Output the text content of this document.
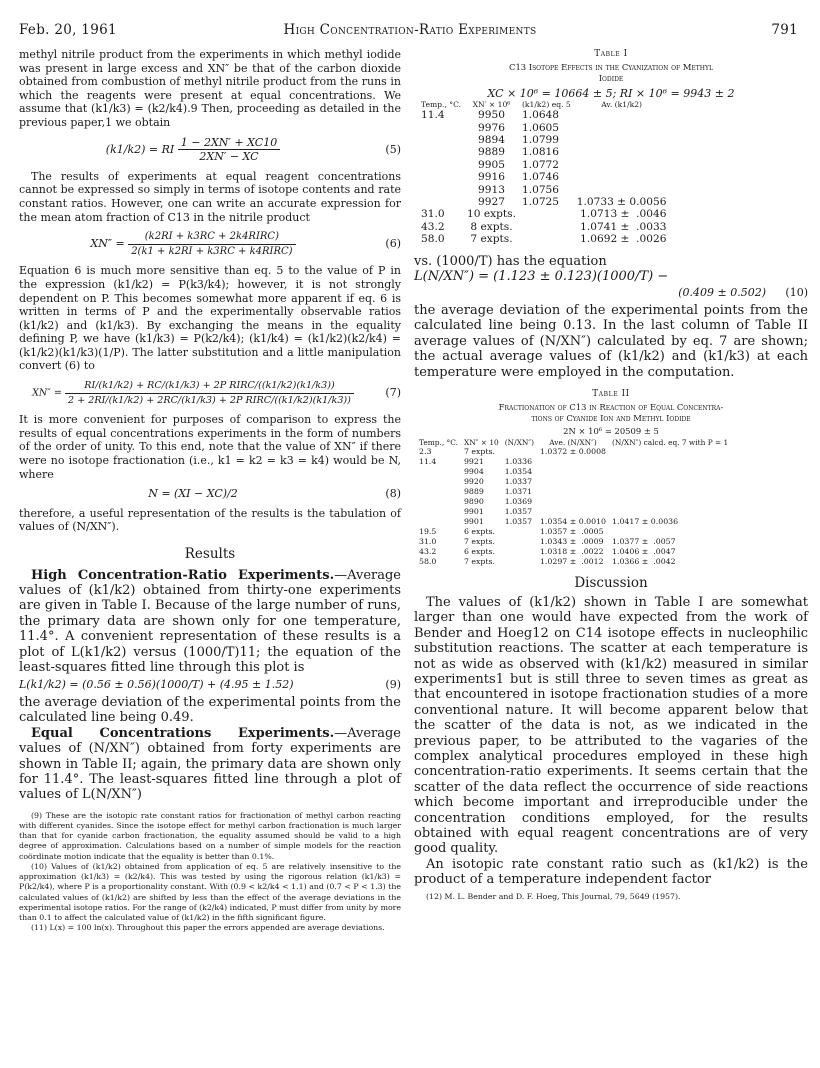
Feb. 20, 1961	High Concentration-Ratio Experiments	791

methyl nitrile product from the experiments in which methyl iodide was present in large excess and XN″ be that of the carbon dioxide obtained from combustion of methyl nitrile product from the runs in which the reagents were present at equal concentrations. We assume that (k1/k3) = (k2/k4).9 Then, proceeding as detailed in the previous paper,1 we obtain

(k1/k2) = RI $\frac{1 - 2XN' + XC10}{2XN' - XC}$	(5)

The results of experiments at equal reagent concentrations cannot be expressed so simply in terms of isotope contents and rate constant ratios. However, one can write an accurate expression for the mean atom fraction of C13 in the nitrile product

$XN'' = \frac{\text{(k2RI + k3RC + 2k4RIRC)}}{\text{2(k1 + k2RI + k3RC + k4RIRC)}}$	(6)

Equation 6 is much more sensitive than eq. 5 to the value of P in the expression (k1/k2) = P(k3/k4); however, it is not strongly dependent on P. This becomes somewhat more apparent if eq. 6 is written in terms of P and the experimentally observable ratios (k1/k2) and (k1/k3). By exchanging the means in the equality defining P, we have (k1/k3) = P(k2/k4); (k1/k4) = (k1/k2)(k2/k4) = (k1/k2)(k1/k3)(1/P). The latter substitution and a little manipulation convert (6) to

$XN'' = \frac{\text{RI/(k1/k2) + RC/(k1/k3) + 2P RIRC/((k1/k2)(k1/k3))}}{\text{2 + 2RI/(k1/k2) + 2RC/(k1/k3) + 2P RIRC/((k1/k2)(k1/k3))}}$	(7)

It is more convenient for purposes of comparison to express the results of equal concentrations experiments in the form of numbers of the order of unity. To this end, note that the value of XN″ if there were no isotope fractionation (i.e., k1 = k2 = k3 = k4) would be N, where

N = (XI − XC)/2	(8)

therefore, a useful representation of the results is the tabulation of values of (N/XN″).

Results

High Concentration-Ratio Experiments.—Average values of (k1/k2) obtained from thirty-one experiments are given in Table I. Because of the large number of runs, the primary data are shown only for one temperature, 11.4°. A convenient representation of these results is a plot of L(k1/k2) versus (1000/T)11; the equation of the least-squares fitted line through this plot is

L(k1/k2) = (0.56 ± 0.56)(1000/T) + (4.95 ± 1.52)	(9)

the average deviation of the experimental points from the calculated line being 0.49.

Equal Concentrations Experiments.—Average values of (N/XN″) obtained from forty experiments are shown in Table II; again, the primary data are shown only for 11.4°. The least-squares fitted line through a plot of values of L(N/XN″)

(9) These are the isotopic rate constant ratios for fractionation of methyl carbon reacting with different cyanides. Since the isotope effect for methyl carbon fractionation is much larger than that for cyanide carbon fractionation, the equality assumed should be valid to a high degree of approximation. Calculations based on a number of simple models for the reaction coördinate motion indicate that the equality is better than 0.1%.

(10) Values of (k1/k2) obtained from application of eq. 5 are relatively insensitive to the approximation (k1/k3) = (k2/k4). This was tested by using the rigorous relation (k1/k3) = P(k2/k4), where P is a proportionality constant. With (0.9 < k2/k4 < 1.1) and (0.7 < P < 1.3) the calculated values of (k1/k2) are shifted by less than the effect of the average deviations in the experimental isotope ratios. For the range of (k2/k4) indicated, P must differ from unity by more than 0.1 to affect the calculated value of (k1/k2) in the fifth significant figure.

(11) L(x) = 100 ln(x). Throughout this paper the errors appended are average deviations.

Table I
C13 Isotope Effects in the Cyanization of Methyl
Iodide
XC × 10⁶ = 10664 ± 5; RI × 10⁶ = 9943 ± 2
Temp., °C.	XN′ × 10⁶	(k1/k2) eq. 5	Av. (k1/k2)
11.4	9950	1.0648	
	9976	1.0605	
	9894	1.0799	
	9889	1.0816	
	9905	1.0772	
	9916	1.0746	
	9913	1.0756	
	9927	1.0725	1.0733 ± 0.0056
31.0	10 expts.		1.0713 ±  .0046
43.2	8 expts.		1.0741 ±  .0033
58.0	7 expts.		1.0692 ±  .0026

vs. (1000/T) has the equation

L(N/XN″) = (1.123 ± 0.123)(1000/T) −
(0.409 ± 0.502)	(10)

the average deviation of the experimental points from the calculated line being 0.13. In the last column of Table II average values of (N/XN″) calculated by eq. 7 are shown; the actual average values of (k1/k2) and (k1/k3) at each temperature were employed in the computation.

Table II
Fractionation of C13 in Reaction of Equal Concentra-
tions of Cyanide Ion and Methyl Iodide
2N × 10⁶ = 20509 ± 5
Temp., °C.	XN″ × 10	(N/XN″)	Ave. (N/XN″)	(N/XN″) calcd. eq. 7 with P = 1
2.3	7 expts.		1.0372 ± 0.0008	
11.4	9921	1.0336		
	9904	1.0354		
	9920	1.0337		
	9889	1.0371		
	9890	1.0369		
	9901	1.0357		
	9901	1.0357	1.0354 ± 0.0010	1.0417 ± 0.0036
19.5	6 expts.		1.0357 ±  .0005	
31.0	7 expts.		1.0343 ±  .0009	1.0377 ±  .0057
43.2	6 expts.		1.0318 ±  .0022	1.0406 ±  .0047
58.0	7 expts.		1.0297 ±  .0012	1.0366 ±  .0042
Discussion

The values of (k1/k2) shown in Table I are somewhat larger than one would have expected from the work of Bender and Hoeg12 on C14 isotope effects in nucleophilic substitution reactions. The scatter at each temperature is not as wide as observed with (k1/k2) measured in similar experiments1 but is still three to seven times as great as that encountered in isotope fractionation studies of a more conventional nature. It will become apparent below that the scatter of the data is not, as we indicated in the previous paper, to be attributed to the vagaries of the complex analytical procedures employed in these high concentration-ratio experiments. It seems certain that the scatter of the data reflect the occurrence of side reactions which become important and irreproducible under the concentration conditions employed, for the results obtained with equal reagent concentrations are of very good quality.

An isotopic rate constant ratio such as (k1/k2) is the product of a temperature independent factor

(12) M. L. Bender and D. F. Hoeg, This Journal, 79, 5649 (1957).
